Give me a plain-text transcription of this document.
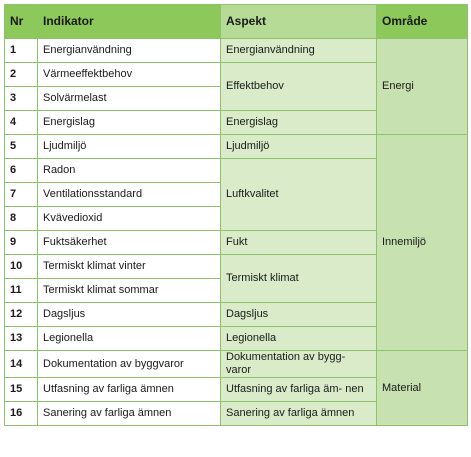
Nr	Indikator	Aspekt	Område
1	Energianvändning	Energianvändning	Energi
2	Värmeeffektbehov	Effektbehov	
3	Solvärmelast		
4	Energislag	Energislag	
5	Ljudmiljö	Ljudmiljö	Innemiljö
6	Radon	Luftkvalitet	
7	Ventilationsstandard		
8	Kvävedioxid		
9	Fuktsäkerhet	Fukt	
10	Termiskt klimat vinter	Termiskt klimat	
11	Termiskt klimat sommar		
12	Dagsljus	Dagsljus	
13	Legionella	Legionella	
14	Dokumentation av byggvaror	Dokumentation av bygg- varor	Material
15	Utfasning av farliga ämnen	Utfasning av farliga äm- nen	
16	Sanering av farliga ämnen	Sanering av farliga ämnen	
